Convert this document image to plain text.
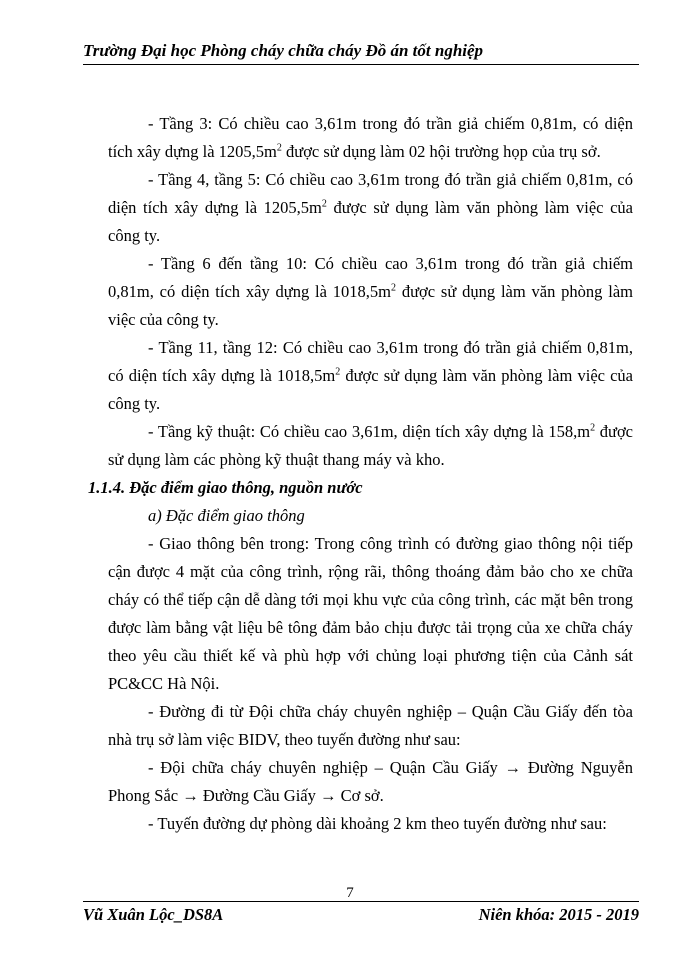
Trường Đại học Phòng cháy chữa cháy Đồ án tốt nghiệp

- Tầng 3: Có chiều cao 3,61m trong đó trần giả chiếm 0,81m, có diện tích xây dựng là $1205,5m^2$ được sử dụng làm 02 hội trường họp của trụ sở.

- Tầng 4, tầng 5: Có chiều cao 3,61m trong đó trần giả chiếm 0,81m, có diện tích xây dựng là $1205,5m^2$ được sử dụng làm văn phòng làm việc của công ty.

- Tầng 6 đến tầng 10: Có chiều cao 3,61m trong đó trần giả chiếm 0,81m, có diện tích xây dựng là $1018,5m^2$ được sử dụng làm văn phòng làm việc của công ty.

- Tầng 11, tầng 12: Có chiều cao 3,61m trong đó trần giả chiếm 0,81m, có diện tích xây dựng là $1018,5m^2$ được sử dụng làm văn phòng làm việc của công ty.

- Tầng kỹ thuật: Có chiều cao 3,61m, diện tích xây dựng là $158,m^2$ được sử dụng làm các phòng kỹ thuật thang máy và kho.

1.1.4. Đặc điểm giao thông, nguồn nước
a) Đặc điểm giao thông

- Giao thông bên trong: Trong công trình có đường giao thông nội tiếp cận được 4 mặt của công trình, rộng rãi, thông thoáng đảm bảo cho xe chữa cháy có thể tiếp cận dễ dàng tới mọi khu vực của công trình, các mặt bên trong được làm bằng vật liệu bê tông đảm bảo chịu được tải trọng của xe chữa cháy theo yêu cầu thiết kế và phù hợp với chủng loại phương tiện của Cảnh sát PC&CC Hà Nội.

- Đường đi từ Đội chữa cháy chuyên nghiệp – Quận Cầu Giấy đến tòa nhà trụ sở làm việc BIDV, theo tuyến đường như sau:

- Đội chữa cháy chuyên nghiệp – Quận Cầu Giấy → Đường Nguyễn Phong Sắc → Đường Cầu Giấy → Cơ sở.

- Tuyến đường dự phòng dài khoảng 2 km theo tuyến đường như sau:

7
Vũ Xuân Lộc_DS8A	Niên khóa: 2015 - 2019
